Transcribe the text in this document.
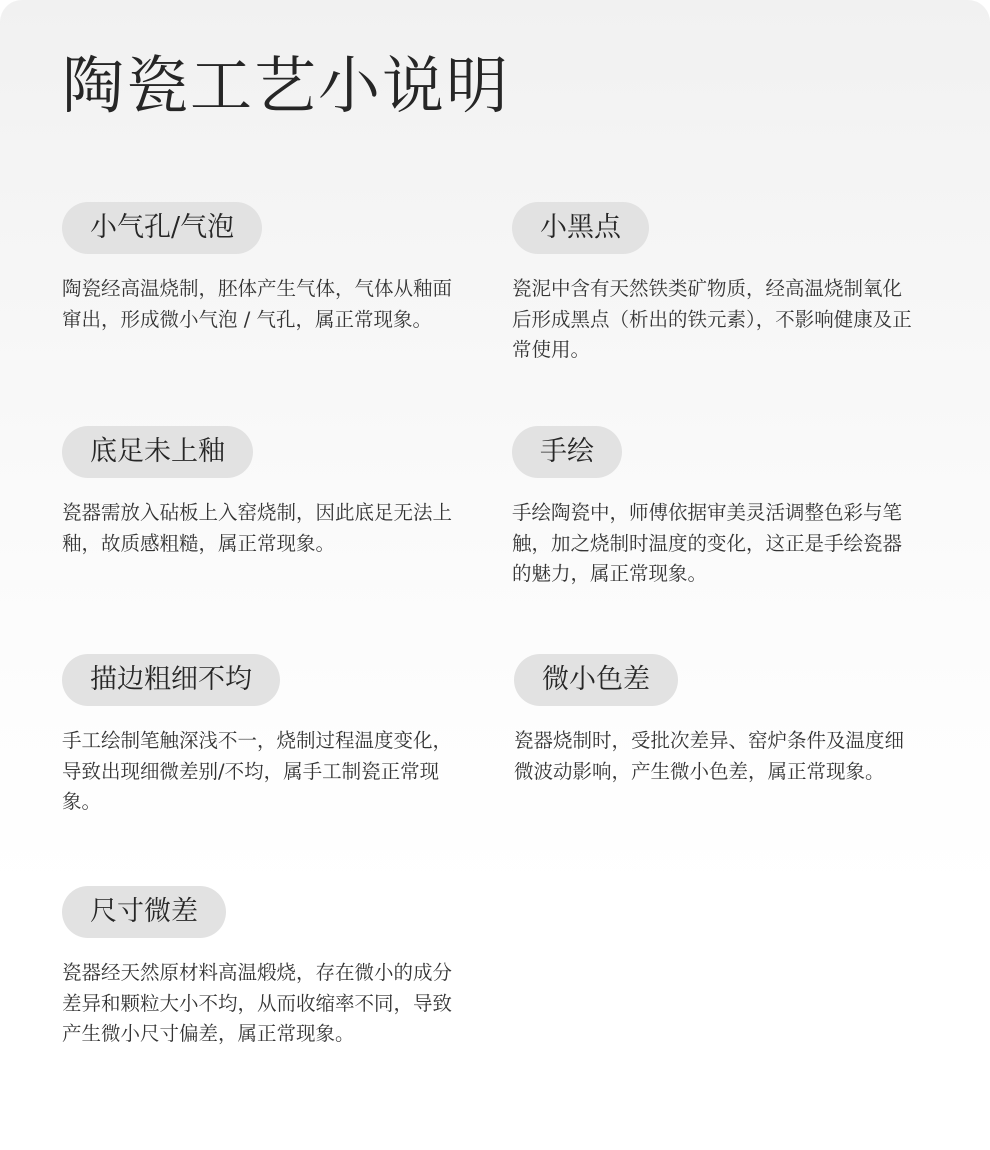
陶瓷工艺小说明
小气孔/气泡
陶瓷经高温烧制，胚体产生气体，气体从釉面窜出，形成微小气泡 / 气孔，属正常现象。
小黑点
瓷泥中含有天然铁类矿物质，经高温烧制氧化后形成黑点（析出的铁元素），不影响健康及正常使用。
底足未上釉
瓷器需放入砧板上入窑烧制，因此底足无法上釉，故质感粗糙，属正常现象。
手绘
手绘陶瓷中，师傅依据审美灵活调整色彩与笔触，加之烧制时温度的变化，这正是手绘瓷器的魅力，属正常现象。
描边粗细不均
手工绘制笔触深浅不一，烧制过程温度变化，导致出现细微差别/不均，属手工制瓷正常现象。
微小色差
瓷器烧制时，受批次差异、窑炉条件及温度细微波动影响，产生微小色差，属正常现象。
尺寸微差
瓷器经天然原材料高温煅烧，存在微小的成分差异和颗粒大小不均，从而收缩率不同，导致产生微小尺寸偏差，属正常现象。
